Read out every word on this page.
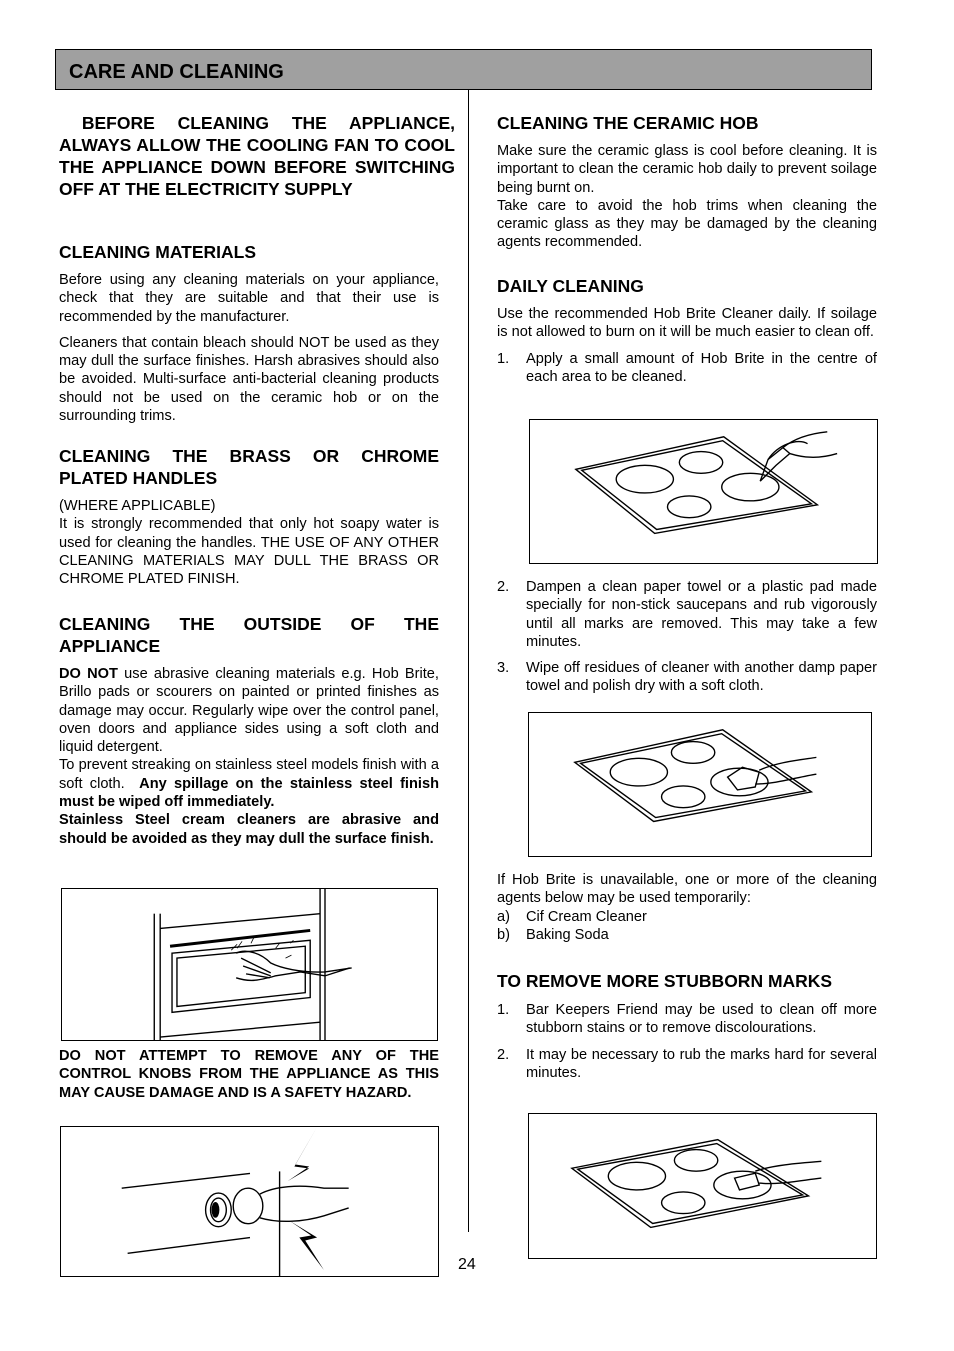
CARE AND CLEANING
BEFORE CLEANING THE APPLIANCE, ALWAYS ALLOW THE COOLING FAN TO COOL THE APPLIANCE DOWN BEFORE SWITCHING OFF AT THE ELECTRICITY SUPPLY
CLEANING MATERIALS

Before using any cleaning materials on your appliance, check that they are suitable and that their use is recommended by the manufacturer.

Cleaners that contain bleach should NOT be used as they may dull the surface finishes. Harsh abrasives should also be avoided. Multi-surface anti-bacterial cleaning products should not be used on the ceramic hob or on the surrounding trims.

CLEANING THE BRASS OR CHROME PLATED HANDLES

(WHERE APPLICABLE)

It is strongly recommended that only hot soapy water is used for cleaning the handles. THE USE OF ANY OTHER CLEANING MATERIALS MAY DULL THE BRASS OR CHROME PLATED FINISH.

CLEANING THE OUTSIDE OF THE APPLIANCE

DO NOT use abrasive cleaning materials e.g. Hob Brite, Brillo pads or scourers on painted or printed finishes as damage may occur. Regularly wipe over the control panel, oven doors and appliance sides using a soft cloth and liquid detergent.

To prevent streaking on stainless steel models finish with a soft cloth.  Any spillage on the stainless steel finish must be wiped off immediately.

Stainless Steel cream cleaners are abrasive and should be avoided as they may dull the surface finish.

DO NOT ATTEMPT TO REMOVE ANY OF THE CONTROL KNOBS FROM THE APPLIANCE AS THIS MAY CAUSE DAMAGE AND IS A SAFETY HAZARD.

CLEANING THE CERAMIC HOB

Make sure the ceramic glass is cool before cleaning. It is important to clean the ceramic hob daily to prevent soilage being burnt on.

Take care to avoid the hob trims when cleaning the ceramic glass as they may be damaged by the cleaning agents recommended.

DAILY CLEANING

Use the recommended Hob Brite Cleaner daily. If soilage is not allowed to burn on it will be much easier to clean off.

1. Apply a small amount of Hob Brite in the centre of each area to be cleaned.
2. Dampen a clean paper towel or a plastic pad made specially for non-stick saucepans and rub vigorously until all marks are removed. This may take a few minutes.
3. Wipe off residues of cleaner with another damp paper towel and polish dry with a soft cloth.

If Hob Brite is unavailable, one or more of the cleaning agents below may be used temporarily:

a) Cif Cream Cleaner
b) Baking Soda
TO REMOVE MORE STUBBORN MARKS
1. Bar Keepers Friend may be used to clean off more stubborn stains or to remove discolourations.
2. It may be necessary to rub the marks hard for several minutes.
24
